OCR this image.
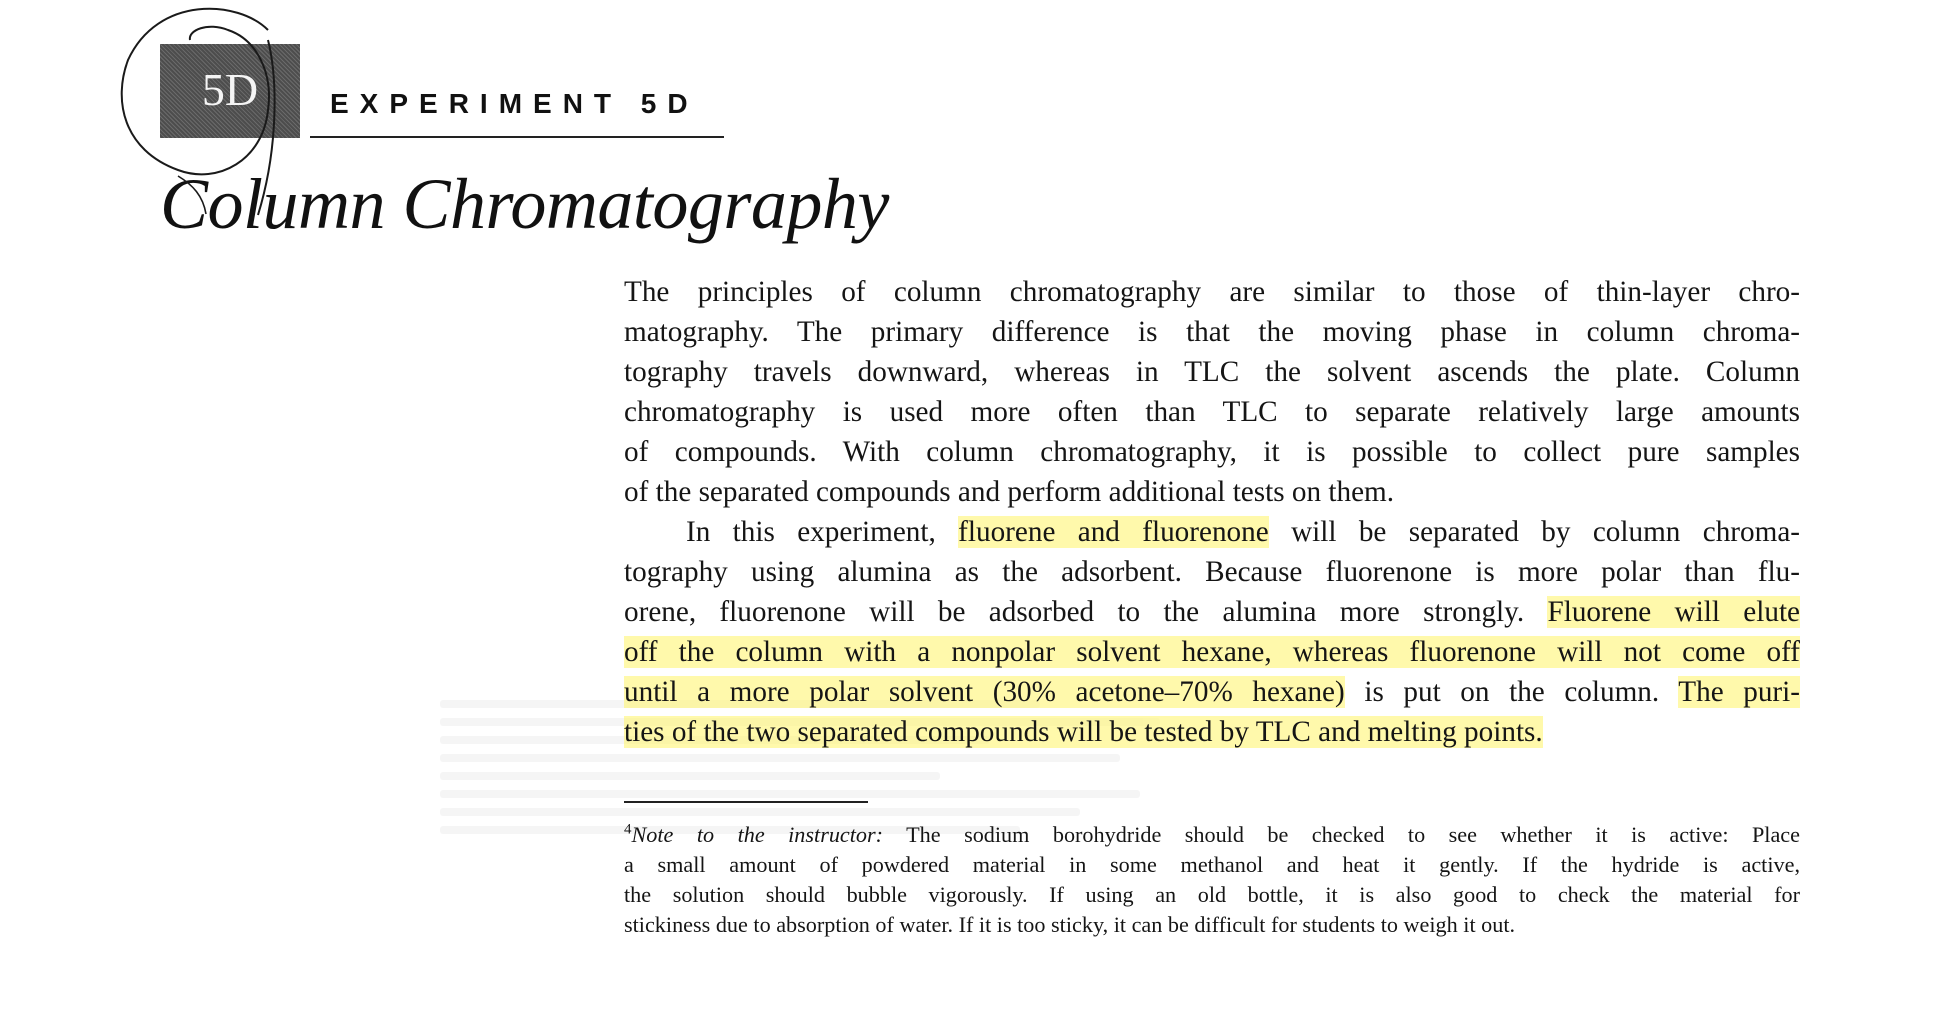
5D	EXPERIMENT 5D
Column Chromatography
The principles of column chromatography are similar to those of thin-layer chro-
matography. The primary difference is that the moving phase in column chroma-
tography travels downward, whereas in TLC the solvent ascends the plate. Column
chromatography is used more often than TLC to separate relatively large amounts
of compounds. With column chromatography, it is possible to collect pure samples
of the separated compounds and perform additional tests on them.
In this experiment, fluorene and fluorenone will be separated by column chroma-
tography using alumina as the adsorbent. Because fluorenone is more polar than flu-
orene, fluorenone will be adsorbed to the alumina more strongly. Fluorene will elute
off the column with a nonpolar solvent hexane, whereas fluorenone will not come off
until a more polar solvent (30% acetone–70% hexane) is put on the column. The puri-
ties of the two separated compounds will be tested by TLC and melting points.
$^4$Note to the instructor: The sodium borohydride should be checked to see whether it is active: Place
a small amount of powdered material in some methanol and heat it gently. If the hydride is active,
the solution should bubble vigorously. If using an old bottle, it is also good to check the material for
stickiness due to absorption of water. If it is too sticky, it can be difficult for students to weigh it out.
